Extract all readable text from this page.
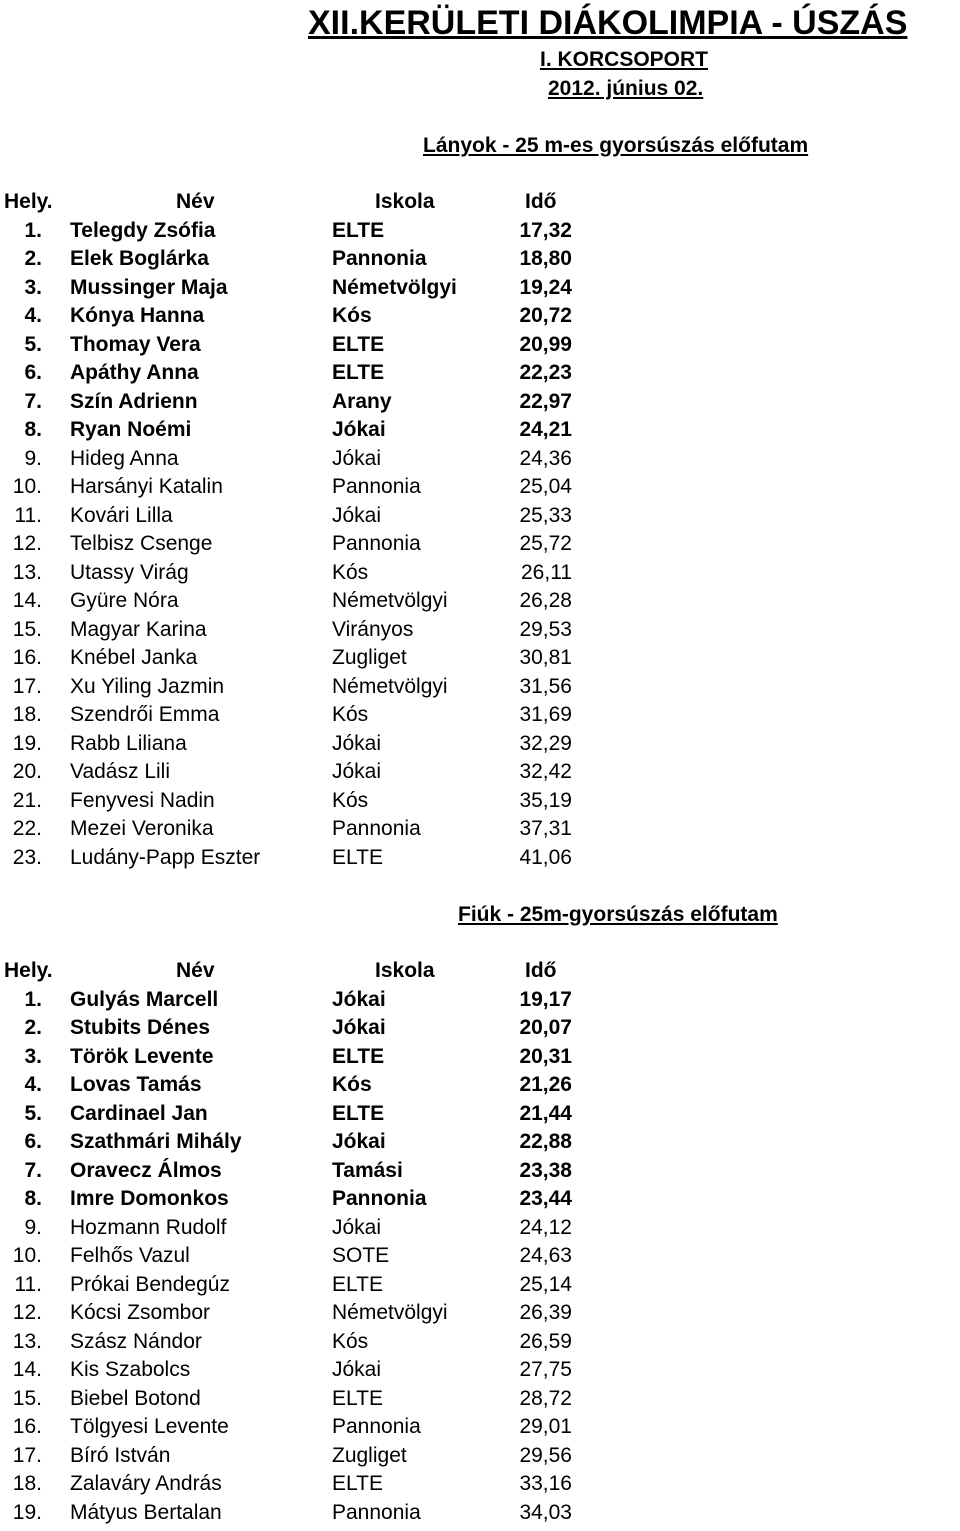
XII.KERÜLETI DIÁKOLIMPIA - ÚSZÁS
I. KORCSOPORT
2012. június 02.
Lányok - 25 m-es gyorsúszás előfutam
Hely.	Név	Iskola	Idő
1. Telegdy Zsófia	ELTE	17,32
2. Elek Boglárka	Pannonia	18,80
3. Mussinger Maja	Németvölgyi	19,24
4. Kónya Hanna	Kós	20,72
5. Thomay Vera	ELTE	20,99
6. Apáthy Anna	ELTE	22,23
7. Szín Adrienn	Arany	22,97
8. Ryan Noémi	Jókai	24,21
9. Hideg Anna	Jókai	24,36
10. Harsányi Katalin	Pannonia	25,04
11. Kovári Lilla	Jókai	25,33
12. Telbisz Csenge	Pannonia	25,72
13. Utassy Virág	Kós	26,11
14. Gyüre Nóra	Németvölgyi	26,28
15. Magyar Karina	Virányos	29,53
16. Knébel Janka	Zugliget	30,81
17. Xu Yiling Jazmin	Németvölgyi	31,56
18. Szendrői Emma	Kós	31,69
19. Rabb Liliana	Jókai	32,29
20. Vadász Lili	Jókai	32,42
21. Fenyvesi Nadin	Kós	35,19
22. Mezei Veronika	Pannonia	37,31
23. Ludány-Papp Eszter	ELTE	41,06
Fiúk - 25m-gyorsúszás előfutam
Hely.	Név	Iskola	Idő
1. Gulyás Marcell	Jókai	19,17
2. Stubits Dénes	Jókai	20,07
3. Török Levente	ELTE	20,31
4. Lovas Tamás	Kós	21,26
5. Cardinael Jan	ELTE	21,44
6. Szathmári Mihály	Jókai	22,88
7. Oravecz Álmos	Tamási	23,38
8. Imre Domonkos	Pannonia	23,44
9. Hozmann Rudolf	Jókai	24,12
10. Felhős Vazul	SOTE	24,63
11. Prókai Bendegúz	ELTE	25,14
12. Kócsi Zsombor	Németvölgyi	26,39
13. Szász Nándor	Kós	26,59
14. Kis Szabolcs	Jókai	27,75
15. Biebel Botond	ELTE	28,72
16. Tölgyesi Levente	Pannonia	29,01
17. Bíró István	Zugliget	29,56
18. Zalaváry András	ELTE	33,16
19. Mátyus Bertalan	Pannonia	34,03
